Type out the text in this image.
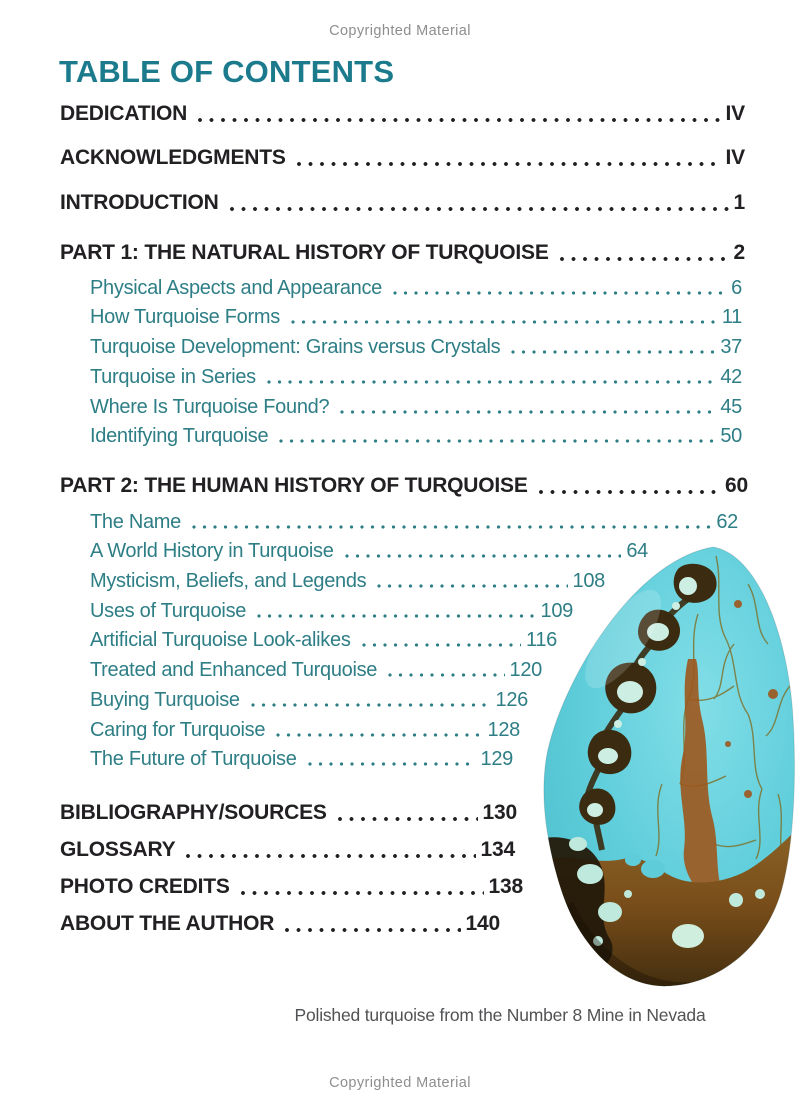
Copyrighted Material
TABLE OF CONTENTS
DEDICATION	IV
ACKNOWLEDGMENTS	IV
INTRODUCTION	1
PART 1: THE NATURAL HISTORY OF TURQUOISE	2
Physical Aspects and Appearance	6
How Turquoise Forms	11
Turquoise Development: Grains versus Crystals	37
Turquoise in Series	42
Where Is Turquoise Found?	45
Identifying Turquoise	50
PART 2: THE HUMAN HISTORY OF TURQUOISE	60
The Name	62
A World History in Turquoise	64
Mysticism, Beliefs, and Legends	108
Uses of Turquoise	109
Artificial Turquoise Look-alikes	116
Treated and Enhanced Turquoise	120
Buying Turquoise	126
Caring for Turquoise	128
The Future of Turquoise	129
BIBLIOGRAPHY/SOURCES	130
GLOSSARY	134
PHOTO CREDITS	138
ABOUT THE AUTHOR	140
Polished turquoise from the Number 8 Mine in Nevada
Copyrighted Material
